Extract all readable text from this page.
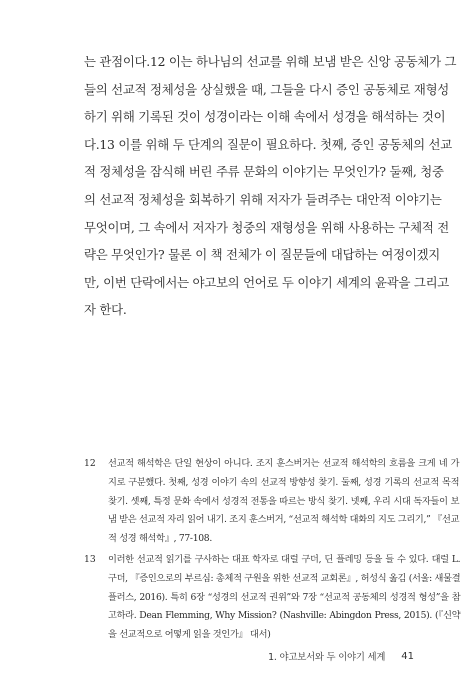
는 관점이다.12 이는 하나님의 선교를 위해 보냄 받은 신앙 공동체가 그
들의 선교적 정체성을 상실했을 때, 그들을 다시 증인 공동체로 재형성
하기 위해 기록된 것이 성경이라는 이해 속에서 성경을 해석하는 것이
다.13 이를 위해 두 단계의 질문이 필요하다. 첫째, 증인 공동체의 선교
적 정체성을 잠식해 버린 주류 문화의 이야기는 무엇인가? 둘째, 청중
의 선교적 정체성을 회복하기 위해 저자가 들려주는 대안적 이야기는
무엇이며, 그 속에서 저자가 청중의 재형성을 위해 사용하는 구체적 전
략은 무엇인가? 물론 이 책 전체가 이 질문들에 대답하는 여정이겠지
만, 이번 단락에서는 야고보의 언어로 두 이야기 세계의 윤곽을 그리고
자 한다.
12	선교적 해석학은 단일 현상이 아니다. 조지 훈스버거는 선교적 해석학의 흐름을 크게 네 가
지로 구분했다. 첫째, 성경 이야기 속의 선교적 방향성 찾기. 둘째, 성경 기록의 선교적 목적
찾기. 셋째, 특정 문화 속에서 성경적 전통을 따르는 방식 찾기. 넷째, 우리 시대 독자들이 보
냄 받은 선교적 자리 읽어 내기. 조지 훈스버거, “선교적 해석학 대화의 지도 그리기,” 『선교
적 성경 해석학』, 77-108.
13	이러한 선교적 읽기를 구사하는 대표 학자로 대럴 구더, 딘 플레밍 등을 들 수 있다. 대럴 L.
구더, 『증인으로의 부르심: 총체적 구원을 위한 선교적 교회론』, 허성식 옮김 (서울: 새물결
플러스, 2016). 특히 6장 “성경의 선교적 권위”와 7장 “선교적 공동체의 성경적 형성”을 참
고하라. Dean Flemming, Why Mission? (Nashville: Abingdon Press, 2015). (『신약
을 선교적으로 어떻게 읽을 것인가』 대서)
1. 야고보서와 두 이야기 세계 41
